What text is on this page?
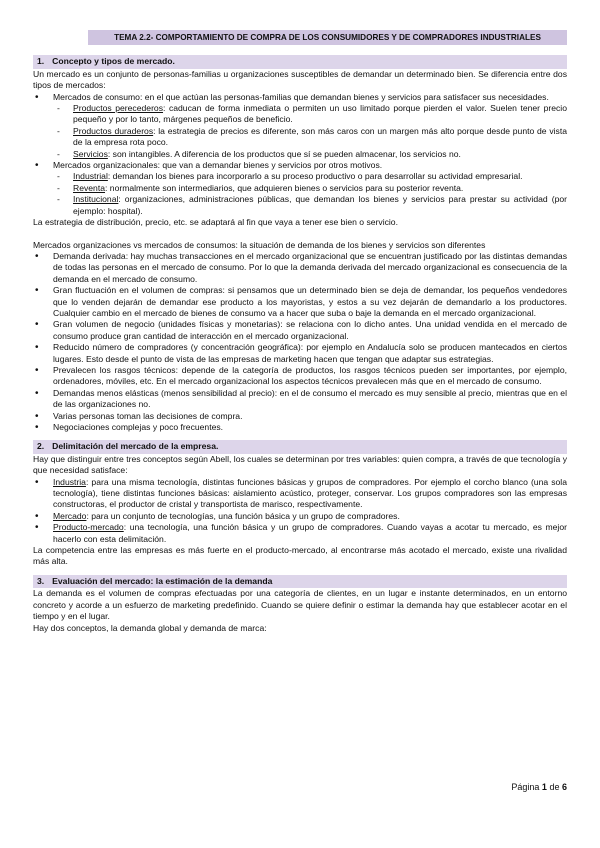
TEMA 2.2- COMPORTAMIENTO DE COMPRA DE LOS CONSUMIDORES Y DE COMPRADORES INDUSTRIALES
1. Concepto y tipos de mercado.

Un mercado es un conjunto de personas-familias u organizaciones susceptibles de demandar un determinado bien. Se diferencia entre dos tipos de mercados:

• Mercados de consumo: en el que actúan las personas-familias que demandan bienes y servicios para satisfacer sus necesidades.
- Productos perecederos: caducan de forma inmediata o permiten un uso limitado porque pierden el valor. Suelen tener precio pequeño y por lo tanto, márgenes pequeños de beneficio.
- Productos duraderos: la estrategia de precios es diferente, son más caros con un margen más alto porque desde punto de vista de la empresa rota poco.
- Servicios: son intangibles. A diferencia de los productos que sí se pueden almacenar, los servicios no.
• Mercados organizacionales: que van a demandar bienes y servicios por otros motivos.
- Industrial: demandan los bienes para incorporarlo a su proceso productivo o para desarrollar su actividad empresarial.
- Reventa: normalmente son intermediarios, que adquieren bienes o servicios para su posterior reventa.
- Institucional: organizaciones, administraciones públicas, que demandan los bienes y servicios para prestar su actividad (por ejemplo: hospital).

La estrategia de distribución, precio, etc. se adaptará al fin que vaya a tener ese bien o servicio.

Mercados organizaciones vs mercados de consumos: la situación de demanda de los bienes y servicios son diferentes

• Demanda derivada: hay muchas transacciones en el mercado organizacional que se encuentran justificado por las distintas demandas de todas las personas en el mercado de consumo. Por lo que la demanda derivada del mercado organizacional es consecuencia de la demanda en el mercado de consumo.
• Gran fluctuación en el volumen de compras: si pensamos que un determinado bien se deja de demandar, los pequeños vendedores que lo venden dejarán de demandar ese producto a los mayoristas, y estos a su vez dejarán de demandarlo a los productores. Cualquier cambio en el mercado de bienes de consumo va a hacer que suba o baje la demanda en el mercado organizacional.
• Gran volumen de negocio (unidades físicas y monetarias): se relaciona con lo dicho antes. Una unidad vendida en el mercado de consumo produce gran cantidad de interacción en el mercado organizacional.
• Reducido número de compradores (y concentración geográfica): por ejemplo en Andalucía solo se producen mantecados en ciertos lugares. Esto desde el punto de vista de las empresas de marketing hacen que tengan que adaptar sus estrategias.
• Prevalecen los rasgos técnicos: depende de la categoría de productos, los rasgos técnicos pueden ser importantes, por ejemplo, ordenadores, móviles, etc. En el mercado organizacional los aspectos técnicos prevalecen más que en el mercado de consumo.
• Demandas menos elásticas (menos sensibilidad al precio): en el de consumo el mercado es muy sensible al precio, mientras que en el de las organizaciones no.
• Varias personas toman las decisiones de compra.
• Negociaciones complejas y poco frecuentes.
2. Delimitación del mercado de la empresa.

Hay que distinguir entre tres conceptos según Abell, los cuales se determinan por tres variables: quien compra, a través de que tecnología y que necesidad satisface:

• Industria: para una misma tecnología, distintas funciones básicas y grupos de compradores. Por ejemplo el corcho blanco (una sola tecnología), tiene distintas funciones básicas: aislamiento acústico, proteger, conservar. Los grupos compradores son las empresas constructoras, el productor de cristal y transportista de marisco, respectivamente.
• Mercado: para un conjunto de tecnologías, una función básica y un grupo de compradores.
• Producto-mercado: una tecnología, una función básica y un grupo de compradores. Cuando vayas a acotar tu mercado, es mejor hacerlo con esta delimitación.

La competencia entre las empresas es más fuerte en el producto-mercado, al encontrarse más acotado el mercado, existe una rivalidad más alta.

3. Evaluación del mercado: la estimación de la demanda

La demanda es el volumen de compras efectuadas por una categoría de clientes, en un lugar e instante determinados, en un entorno concreto y acorde a un esfuerzo de marketing predefinido. Cuando se quiere definir o estimar la demanda hay que establecer acotar en el tiempo y en el lugar.

Hay dos conceptos, la demanda global y demanda de marca:

Página 1 de 6
